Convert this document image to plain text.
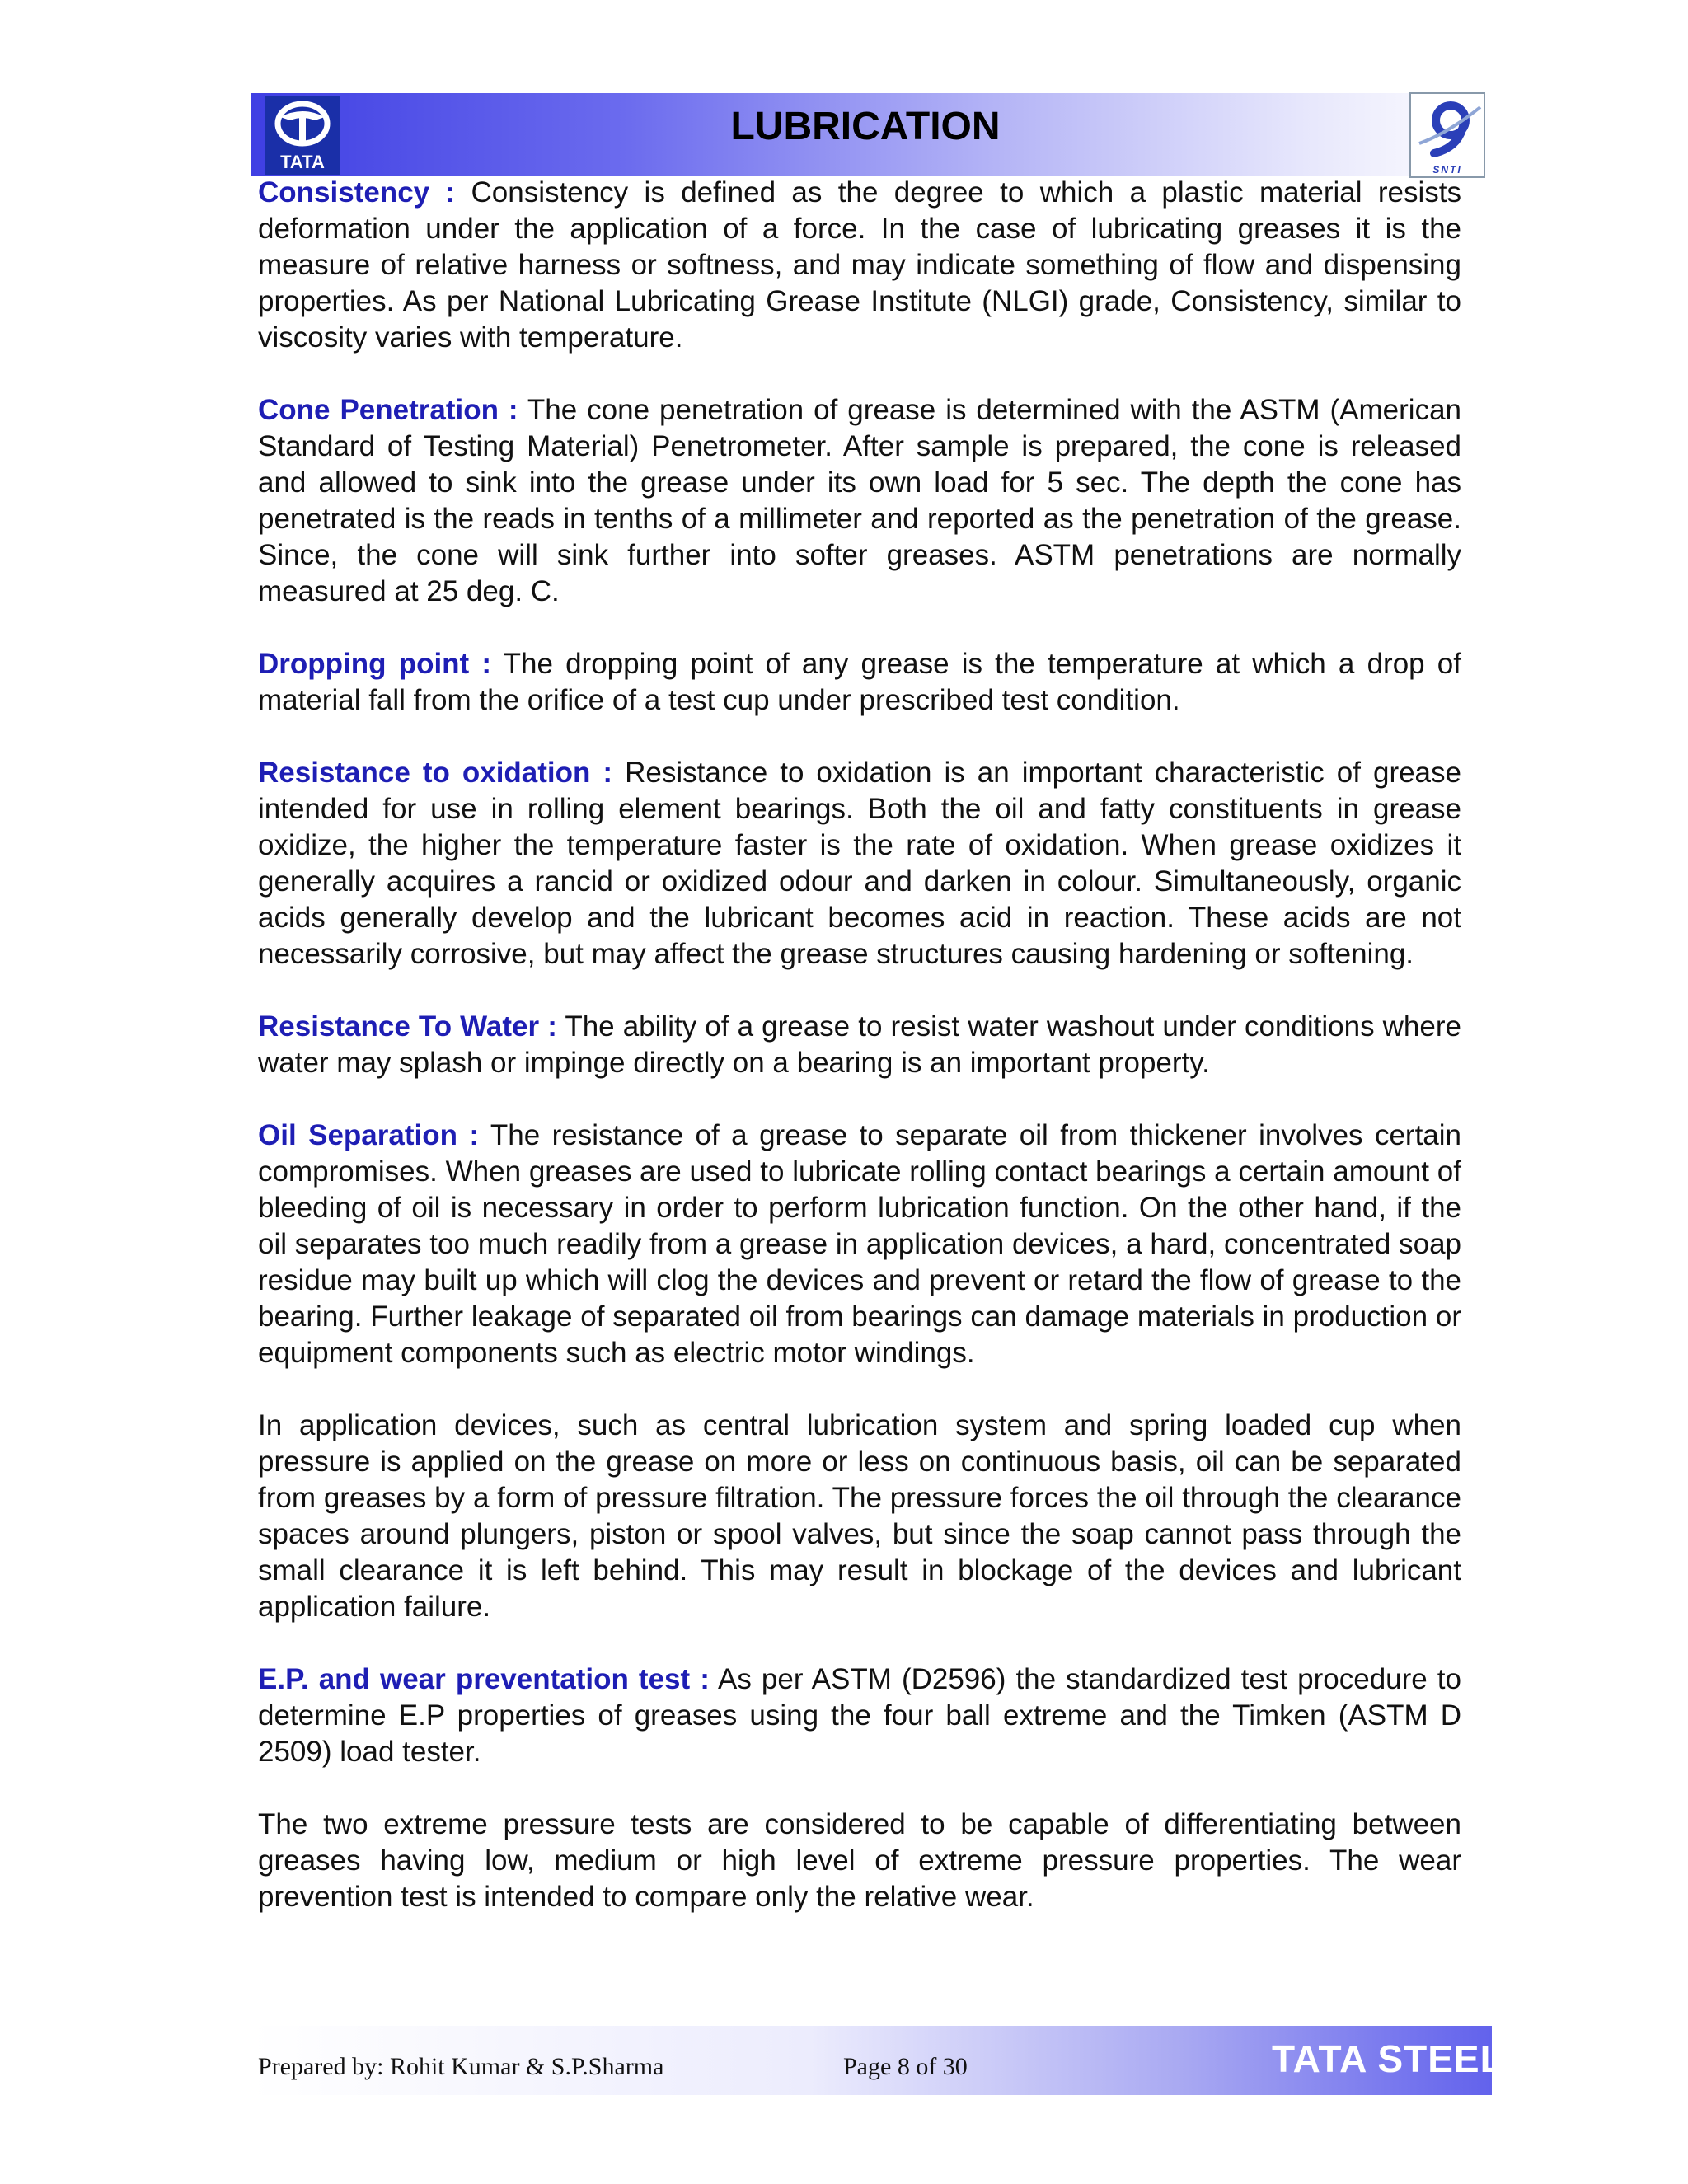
TATA
LUBRICATION
SNTI

Consistency : Consistency is defined as the degree to which a plastic material resists deformation under the application of a force. In the case of lubricating greases it is the measure of relative harness or softness, and may indicate something of flow and dispensing properties. As per National Lubricating Grease Institute (NLGI) grade, Consistency, similar to viscosity varies with temperature.

Cone Penetration : The cone penetration of grease is determined with the ASTM (American Standard of Testing Material) Penetrometer. After sample is prepared, the cone is released and allowed to sink into the grease under its own load for 5 sec. The depth the cone has penetrated is the reads in tenths of a millimeter and reported as the penetration of the grease. Since, the cone will sink further into softer greases. ASTM penetrations are normally measured at 25 deg. C.

Dropping point : The dropping point of any grease is the temperature at which a drop of material fall from the orifice of a test cup under prescribed test condition.

Resistance to oxidation : Resistance to oxidation is an important characteristic of grease intended for use in rolling element bearings. Both the oil and fatty constituents in grease oxidize, the higher the temperature faster is the rate of oxidation. When grease oxidizes it generally acquires a rancid or oxidized odour and darken in colour. Simultaneously, organic acids generally develop and the lubricant becomes acid in reaction. These acids are not necessarily corrosive, but may affect the grease structures causing hardening or softening.

Resistance To Water : The ability of a grease to resist water washout under conditions where water may splash or impinge directly on a bearing is an important property.

Oil Separation : The resistance of a grease to separate oil from thickener involves certain compromises. When greases are used to lubricate rolling contact bearings a certain amount of bleeding of oil is necessary in order to perform lubrication function. On the other hand, if the oil separates too much readily from a grease in application devices, a hard, concentrated soap residue may built up which will clog the devices and prevent or retard the flow of grease to the bearing. Further leakage of separated oil from bearings can damage materials in production or equipment components such as electric motor windings.

In application devices, such as central lubrication system and spring loaded cup when pressure is applied on the grease on more or less on continuous basis, oil can be separated from greases by a form of pressure filtration. The pressure forces the oil through the clearance spaces around plungers, piston or spool valves, but since the soap cannot pass through the small clearance it is left behind. This may result in blockage of the devices and lubricant application failure.

E.P. and wear preventation test : As per ASTM (D2596) the standardized test procedure to determine E.P properties of greases using the four ball extreme and the Timken (ASTM D 2509) load tester.

The two extreme pressure tests are considered to be capable of differentiating between greases having low, medium or high level of extreme pressure properties. The wear prevention test is intended to compare only the relative wear.

Prepared by: Rohit Kumar & S.P.Sharma	Page 8 of 30	TATA STEEL
